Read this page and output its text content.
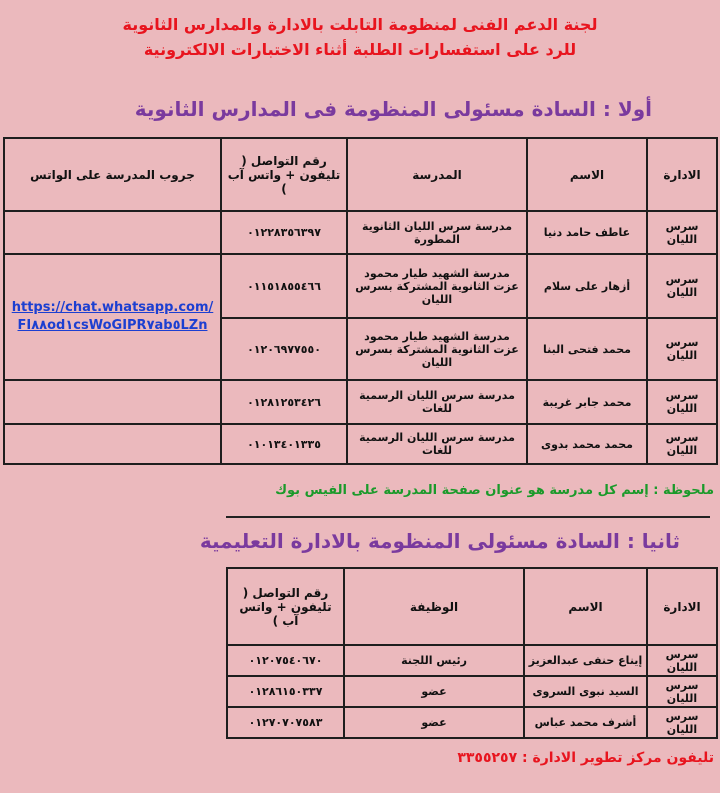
لجنة الدعم الفنى لمنظومة التابلت بالادارة والمدارس الثانوية
للرد على استفسارات الطلبة أثناء الاختبارات الالكترونية
أولا : السادة مسئولى المنظومة فى المدارس الثانوية
الادارة	الاسم	المدرسة	رقم التواصل ( تليفون + واتس آب )	جروب المدرسة على الواتس
سرس الليان	عاطف حامد دنيا	مدرسة سرس الليان الثانوية المطورة	٠١٢٢٨٣٥٦٣٩٧	
سرس الليان	أزهار على سلام	مدرسة الشهيد طيار محمود عزت الثانوية المشتركة بسرس الليان	٠١١٥١٨٥٥٤٦٦	https://chat.whatsapp.com/
FI٨٨od١csWoGIPR٧ab٥LZn

سرس الليان	محمد فتحى البنا	مدرسة الشهيد طيار محمود عزت الثانوية المشتركة بسرس الليان	٠١٢٠٦٩٧٧٥٥٠	
سرس الليان	محمد جابر غريبة	مدرسة سرس الليان الرسمية للغات	٠١٢٨١٢٥٣٤٢٦	
سرس الليان	محمد محمد بدوى	مدرسة سرس الليان الرسمية للغات	٠١٠١٣٤٠١٣٣٥	
ملحوظة : إسم كل مدرسة هو عنوان صفحة المدرسة على الفيس بوك
ثانيا : السادة مسئولى المنظومة بالادارة التعليمية
الادارة	الاسم	الوظيفة	رقم التواصل ( تليفون + واتس آب )
سرس الليان	إيناع حنفى عبدالعزيز	رئيس اللجنة	٠١٢٠٧٥٤٠٦٧٠
سرس الليان	السيد نبوى السروى	عضو	٠١٢٨٦١٥٠٣٣٧
سرس الليان	أشرف محمد عباس	عضو	٠١٢٧٠٧٠٧٥٨٣
تليفون مركز تطوير الادارة : ٣٣٥٥٢٥٧
